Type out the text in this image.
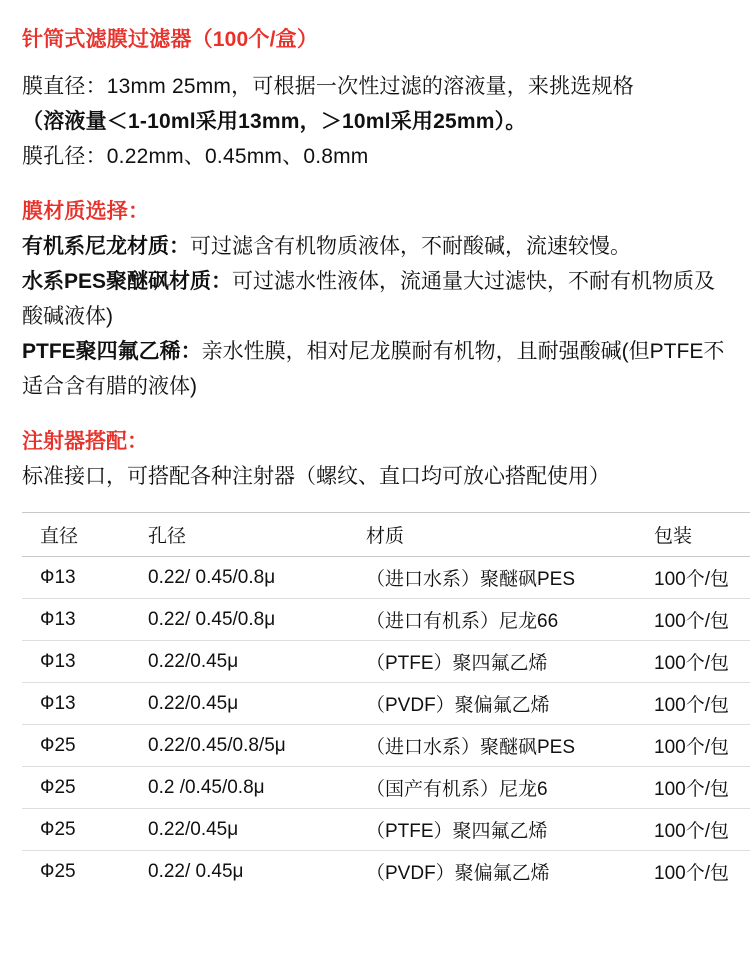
针筒式滤膜过滤器（100个/盒）
膜直径：13mm 25mm，可根据一次性过滤的溶液量，来挑选规格
（溶液量＜1-10ml采用13mm，＞10ml采用25mm）。
膜孔径：0.22mm、0.45mm、0.8mm
膜材质选择：
有机系尼龙材质：可过滤含有机物质液体，不耐酸碱，流速较慢。
水系PES聚醚砜材质：可过滤水性液体，流通量大过滤快，不耐有机物质及酸碱液体)
PTFE聚四氟乙稀：亲水性膜，相对尼龙膜耐有机物，且耐强酸碱(但PTFE不适合含有腊的液体)
注射器搭配：标准接口，可搭配各种注射器（螺纹、直口均可放心搭配使用）
直径	孔径	材质	包装
Ф13	0.22/ 0.45/0.8μ	（进口水系）聚醚砜PES	100个/包
Ф13	0.22/ 0.45/0.8μ	（进口有机系）尼龙66	100个/包
Ф13	0.22/0.45μ	（PTFE）聚四氟乙烯	100个/包
Ф13	0.22/0.45μ	（PVDF）聚偏氟乙烯	100个/包
Ф25	0.22/0.45/0.8/5μ	（进口水系）聚醚砜PES	100个/包
Ф25	0.2 /0.45/0.8μ	（国产有机系）尼龙6	100个/包
Ф25	0.22/0.45μ	（PTFE）聚四氟乙烯	100个/包
Ф25	0.22/ 0.45μ	（PVDF）聚偏氟乙烯	100个/包
